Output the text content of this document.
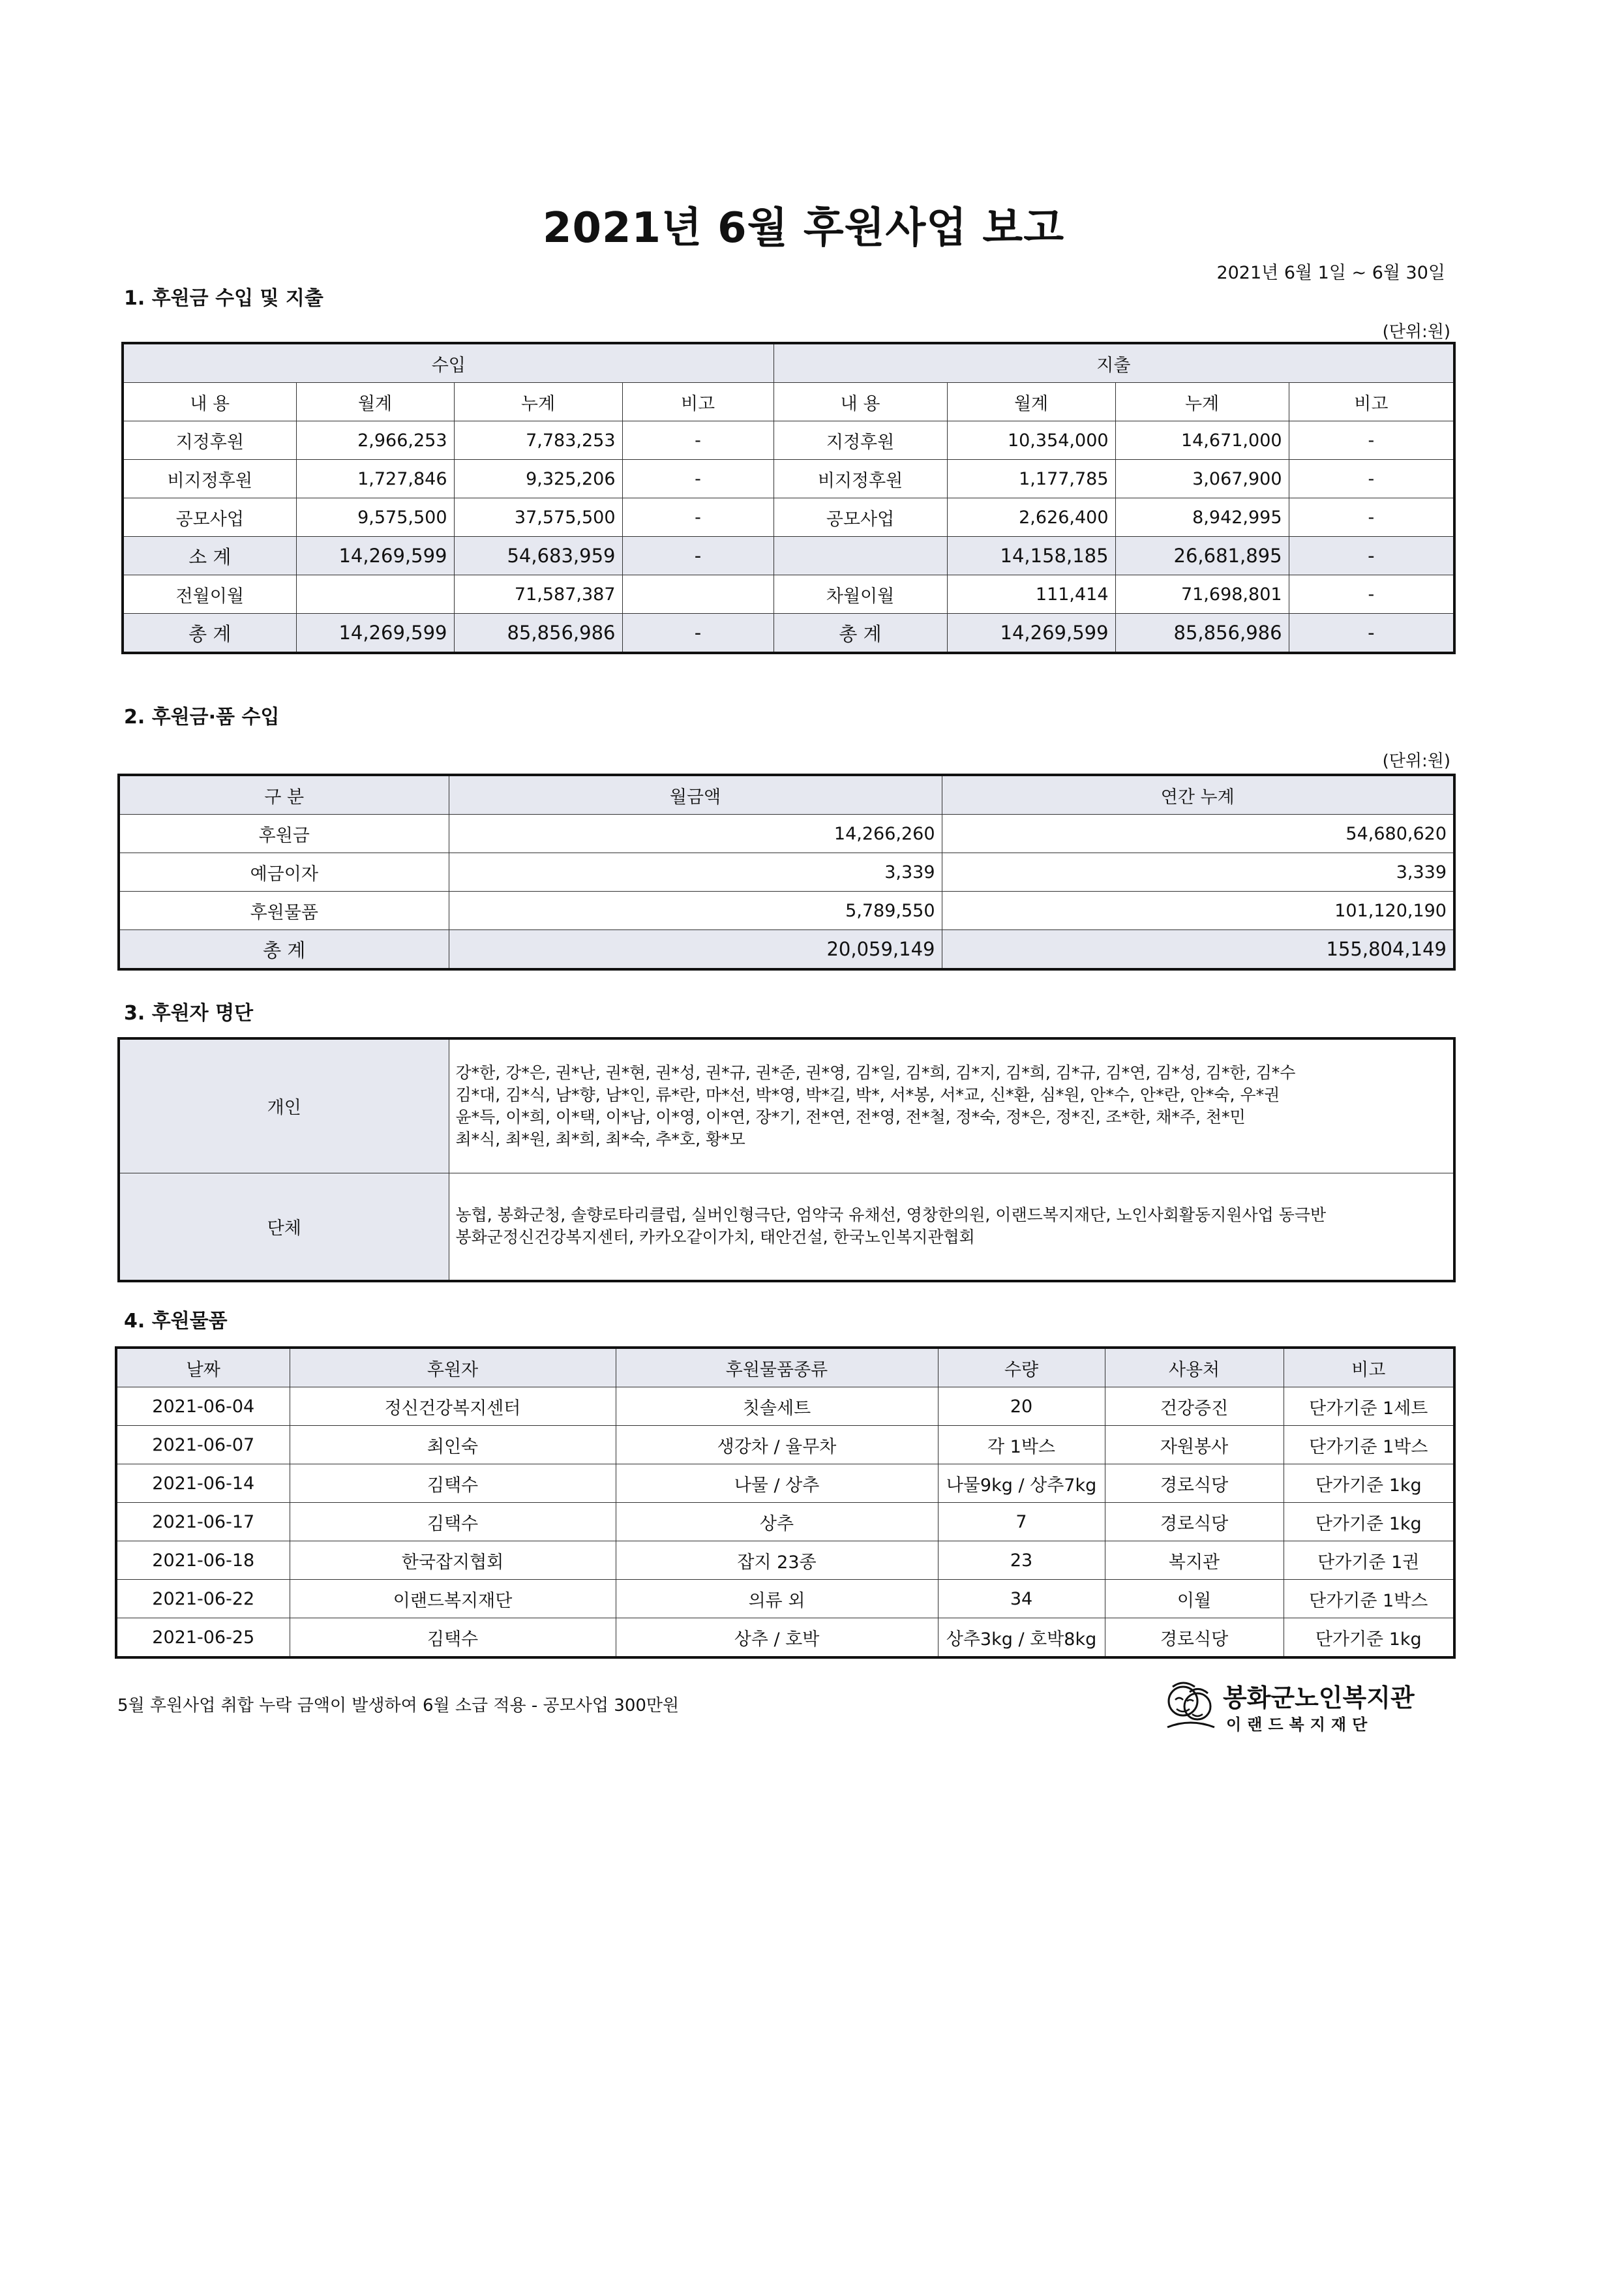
2021년 6월 후원사업 보고
2021년 6월 1일 ~ 6월 30일
1. 후원금 수입 및 지출
(단위:원)
수입				지출			
내 용	월계	누계	비고	내 용	월계	누계	비고
지정후원	2,966,253	7,783,253	-	지정후원	10,354,000	14,671,000	-
비지정후원	1,727,846	9,325,206	-	비지정후원	1,177,785	3,067,900	-
공모사업	9,575,500	37,575,500	-	공모사업	2,626,400	8,942,995	-
소 계	14,269,599	54,683,959	-		14,158,185	26,681,895	-
전월이월		71,587,387		차월이월	111,414	71,698,801	-
총 계	14,269,599	85,856,986	-	총 계	14,269,599	85,856,986	-
2. 후원금·품 수입
(단위:원)
구 분	월금액	연간 누계
후원금	14,266,260	54,680,620
예금이자	3,339	3,339
후원물품	5,789,550	101,120,190
총 계	20,059,149	155,804,149
3. 후원자 명단
개인	강*한, 강*은, 권*난, 권*현, 권*성, 권*규, 권*준, 권*영, 김*일, 김*희, 김*지, 김*희, 김*규, 김*연, 김*성, 김*한, 김*수
김*대, 김*식, 남*향, 남*인, 류*란, 마*선, 박*영, 박*길, 박*, 서*봉, 서*교, 신*환, 심*원, 안*수, 안*란, 안*숙, 우*권
윤*득, 이*희, 이*택, 이*남, 이*영, 이*연, 장*기, 전*연, 전*영, 전*철, 정*숙, 정*은, 정*진, 조*한, 채*주, 천*민
최*식, 최*원, 최*희, 최*숙, 추*호, 황*모

단체	농협, 봉화군청, 솔향로타리클럽, 실버인형극단, 엄약국 유채선, 영창한의원, 이랜드복지재단, 노인사회활동지원사업 동극반
봉화군정신건강복지센터, 카카오같이가치, 태안건설, 한국노인복지관협회
4. 후원물품
날짜	후원자	후원물품종류	수량	사용처	비고
2021-06-04	정신건강복지센터	칫솔세트	20	건강증진	단가기준 1세트
2021-06-07	최인숙	생강차 / 율무차	각 1박스	자원봉사	단가기준 1박스
2021-06-14	김택수	나물 / 상추	나물9kg / 상추7kg	경로식당	단가기준 1kg
2021-06-17	김택수	상추	7	경로식당	단가기준 1kg
2021-06-18	한국잡지협회	잡지 23종	23	복지관	단가기준 1권
2021-06-22	이랜드복지재단	의류 외	34	이월	단가기준 1박스
2021-06-25	김택수	상추 / 호박	상추3kg / 호박8kg	경로식당	단가기준 1kg
5월 후원사업 취합 누락 금액이 발생하여 6월 소급 적용 - 공모사업 300만원	봉화군노인복지관
이랜드복지재단
